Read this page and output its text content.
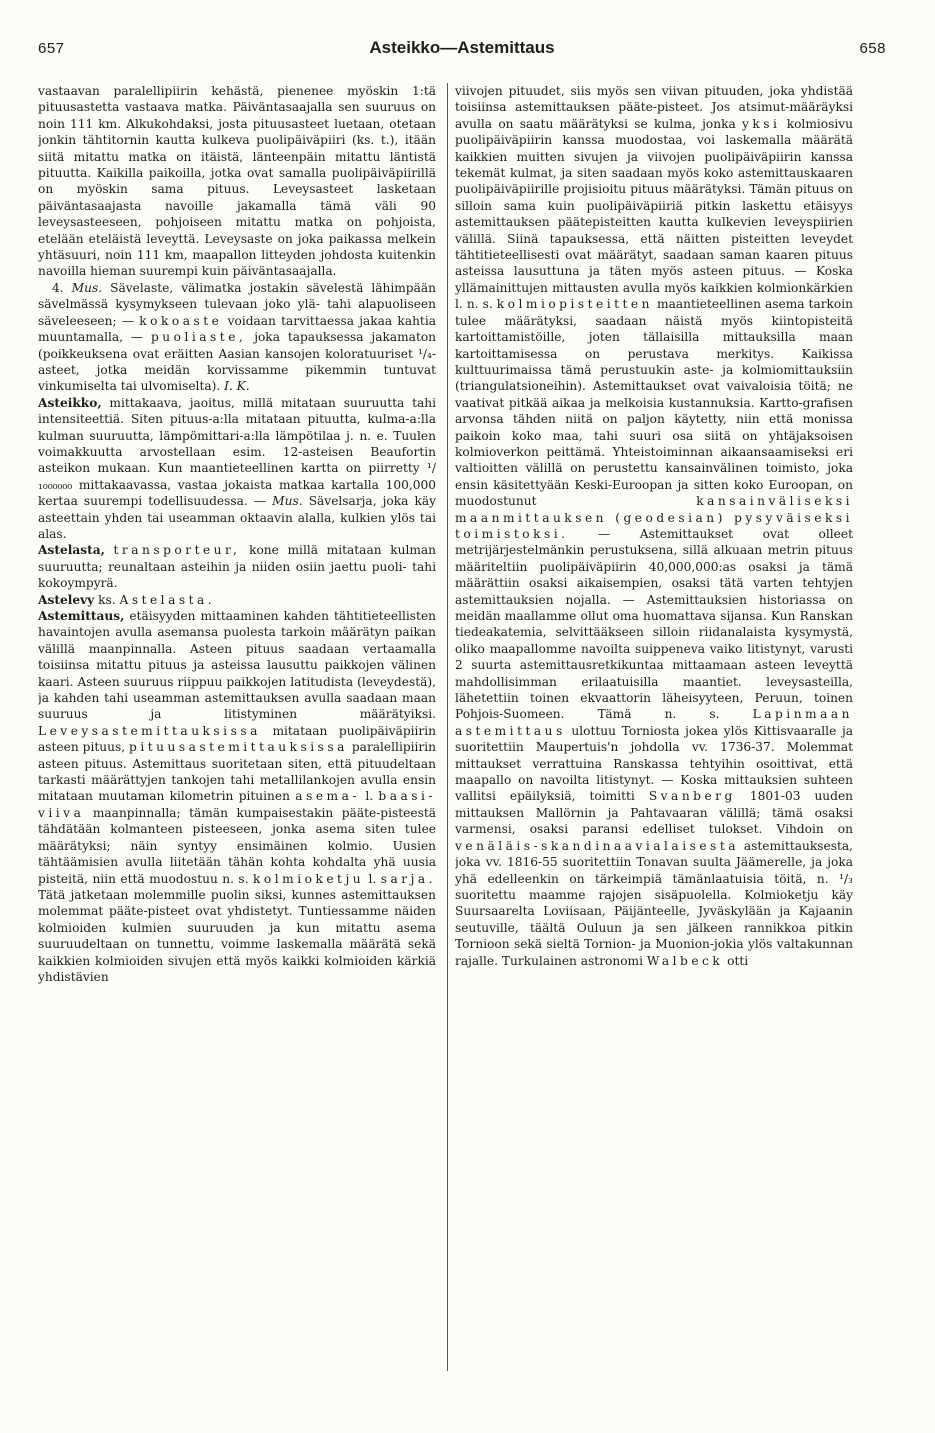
657	Asteikko—Astemittaus	658

vastaavan paralellipiirin kehästä, pienenee myöskin 1:tä pituusastetta vastaava matka. Päiväntasaajalla sen suuruus on noin 111 km. Alkukohdaksi, josta pituusasteet luetaan, otetaan jonkin tähtitornin kautta kulkeva puolipäiväpiiri (ks. t.), itään siitä mitattu matka on itäistä, länteenpäin mitattu läntistä pituutta. Kaikilla paikoilla, jotka ovat samalla puolipäiväpiirillä on myöskin sama pituus. Leveysasteet lasketaan päiväntasaajasta navoille jakamalla tämä väli 90 leveysasteeseen, pohjoiseen mitattu matka on pohjoista, etelään eteläistä leveyttä. Leveysaste on joka paikassa melkein yhtäsuuri, noin 111 km, maapallon litteyden johdosta kuitenkin navoilla hieman suurempi kuin päiväntasaajalla.

4. Mus. Sävelaste, välimatka jostakin sävelestä lähimpään sävelmässä kysymykseen tulevaan joko ylä- tahi alapuoliseen säveleeseen; — kokoaste voidaan tarvittaessa jakaa kahtia muuntamalla, — puoliaste, joka tapauksessa jakamaton (poikkeuksena ovat eräitten Aasian kansojen koloratuuriset ¹/₄-asteet, jotka meidän korvissamme pikemmin tuntuvat vinkumiselta tai ulvomiselta). I. K.

Asteikko, mittakaava, jaoitus, millä mitataan suuruutta tahi intensiteettiä. Siten pituus-a:lla mitataan pituutta, kulma-a:lla kulman suuruutta, lämpömittari-a:lla lämpötilaa j. n. e. Tuulen voimakkuutta arvostellaan esim. 12-asteisen Beaufortin asteikon mukaan. Kun maantieteellinen kartta on piirretty ¹/₁₀₀₀₀₀₀ mittakaavassa, vastaa jokaista matkaa kartalla 100,000 kertaa suurempi todellisuudessa. — Mus. Sävelsarja, joka käy asteettain yhden tai useamman oktaavin alalla, kulkien ylös tai alas.

Astelasta, transporteur, kone millä mitataan kulman suuruutta; reunaltaan asteihin ja niiden osiin jaettu puoli- tahi kokoympyrä.

Astelevy ks. Astelasta.

Astemittaus, etäisyyden mittaaminen kahden tähtitieteellisten havaintojen avulla asemansa puolesta tarkoin määrätyn paikan välillä maanpinnalla. Asteen pituus saadaan vertaamalla toisiinsa mitattu pituus ja asteissa lausuttu paikkojen välinen kaari. Asteen suuruus riippuu paikkojen latitudista (leveydestä), ja kahden tahi useamman astemittauksen avulla saadaan maan suuruus ja litistyminen määrätyiksi. Leveysastemittauksissa mitataan puolipäiväpiirin asteen pituus, pituusastemittauksissa paralellipiirin asteen pituus. Astemittaus suoritetaan siten, että pituudeltaan tarkasti määrättyjen tankojen tahi metallilankojen avulla ensin mitataan muutaman kilometrin pituinen asema- l. baasi-viiva maanpinnalla; tämän kumpaisestakin pääte-pisteestä tähdätään kolmanteen pisteeseen, jonka asema siten tulee määrätyksi; näin syntyy ensimäinen kolmio. Uusien tähtäämisien avulla liitetään tähän kohta kohdalta yhä uusia pisteitä, niin että muodostuu n. s. kolmioketju l. sarja. Tätä jatketaan molemmille puolin siksi, kunnes astemittauksen molemmat pääte-pisteet ovat yhdistetyt. Tuntiessamme näiden kolmioiden kulmien suuruuden ja kun mitattu asema suuruudeltaan on tunnettu, voimme laskemalla määrätä sekä kaikkien kolmioiden sivujen että myös kaikki kolmioiden kärkiä yhdistävien

viivojen pituudet, siis myös sen viivan pituuden, joka yhdistää toisiinsa astemittauksen pääte-pisteet. Jos atsimut-määräyksi avulla on saatu määrätyksi se kulma, jonka yksi kolmiosivu puolipäiväpiirin kanssa muodostaa, voi laskemalla määrätä kaikkien muitten sivujen ja viivojen puolipäiväpiirin kanssa tekemät kulmat, ja siten saadaan myös koko astemittauskaaren puolipäiväpiirille projisioitu pituus määrätyksi. Tämän pituus on silloin sama kuin puolipäiväpiiriä pitkin laskettu etäisyys astemittauksen päätepisteitten kautta kulkevien leveyspiirien välillä. Siinä tapauksessa, että näitten pisteitten leveydet tähtitieteellisesti ovat määrätyt, saadaan saman kaaren pituus asteissa lausuttuna ja täten myös asteen pituus. — Koska yllämainittujen mittausten avulla myös kaikkien kolmionkärkien l. n. s. kolmiopisteitten maantieteellinen asema tarkoin tulee määrätyksi, saadaan näistä myös kiintopisteitä kartoittamistöille, joten tällaisilla mittauksilla maan kartoittamisessa on perustava merkitys. Kaikissa kulttuurimaissa tämä perustuukin aste- ja kolmiomittauksiin (triangulatsioneihin). Astemittaukset ovat vaivaloisia töitä; ne vaativat pitkää aikaa ja melkoisia kustannuksia. Kartto-grafisen arvonsa tähden niitä on paljon käytetty, niin että monissa paikoin koko maa, tahi suuri osa siitä on yhtäjaksoisen kolmioverkon peittämä. Yhteistoiminnan aikaansaamiseksi eri valtioitten välillä on perustettu kansainvälinen toimisto, joka ensin käsitettyään Keski-Euroopan ja sitten koko Euroopan, on muodostunut	kansainväliseksi maanmittauksen (geodesian) pysyväiseksi toimistoksi. — Astemittaukset ovat olleet metrijärjestelmänkin perustuksena, sillä alkuaan metrin pituus määriteltiin puolipäiväpiirin 40,000,000:as osaksi ja tämä määrättiin osaksi aikaisempien, osaksi tätä varten tehtyjen astemittauksien nojalla. — Astemittauksien historiassa on meidän maallamme ollut oma huomattava sijansa. Kun Ranskan tiedeakatemia, selvittääkseen silloin riidanalaista kysymystä, oliko maapallomme navoilta suippeneva vaiko litistynyt, varusti 2 suurta astemittausretkikuntaa mittaamaan asteen leveyttä mahdollisimman erilaatuisilla maantiet. leveysasteilla, lähetettiin toinen ekvaattorin läheisyyteen, Peruun, toinen Pohjois-Suomeen. Tämä n. s.	Lapinmaan astemittaus ulottuu Torniosta jokea ylös Kittisvaaralle ja suoritettiin Maupertuis'n johdolla vv. 1736-37. Molemmat mittaukset verrattuina Ranskassa tehtyihin osoittivat, että maapallo on navoilta litistynyt. — Koska mittauksien suhteen vallitsi epäilyksiä, toimitti Svanberg 1801-03 uuden mittauksen Mallörnin ja Pahtavaaran välillä; tämä osaksi varmensi, osaksi paransi edelliset tulokset. Vihdoin on venäläis-skandinaavialaisesta astemittauksesta, joka vv. 1816-55 suoritettiin Tonavan suulta Jäämerelle, ja joka yhä edelleenkin on tärkeimpiä tämänlaatuisia töitä, n. ¹/₃ suoritettu maamme rajojen sisäpuolella. Kolmioketju käy Suursaarelta Loviisaan, Päijänteelle, Jyväskylään ja Kajaanin seutuville, täältä Ouluun ja sen jälkeen rannikkoa pitkin Tornioon sekä sieltä Tornion- ja Muonion-jokia ylös valtakunnan rajalle. Turkulainen astronomi Walbeck otti
